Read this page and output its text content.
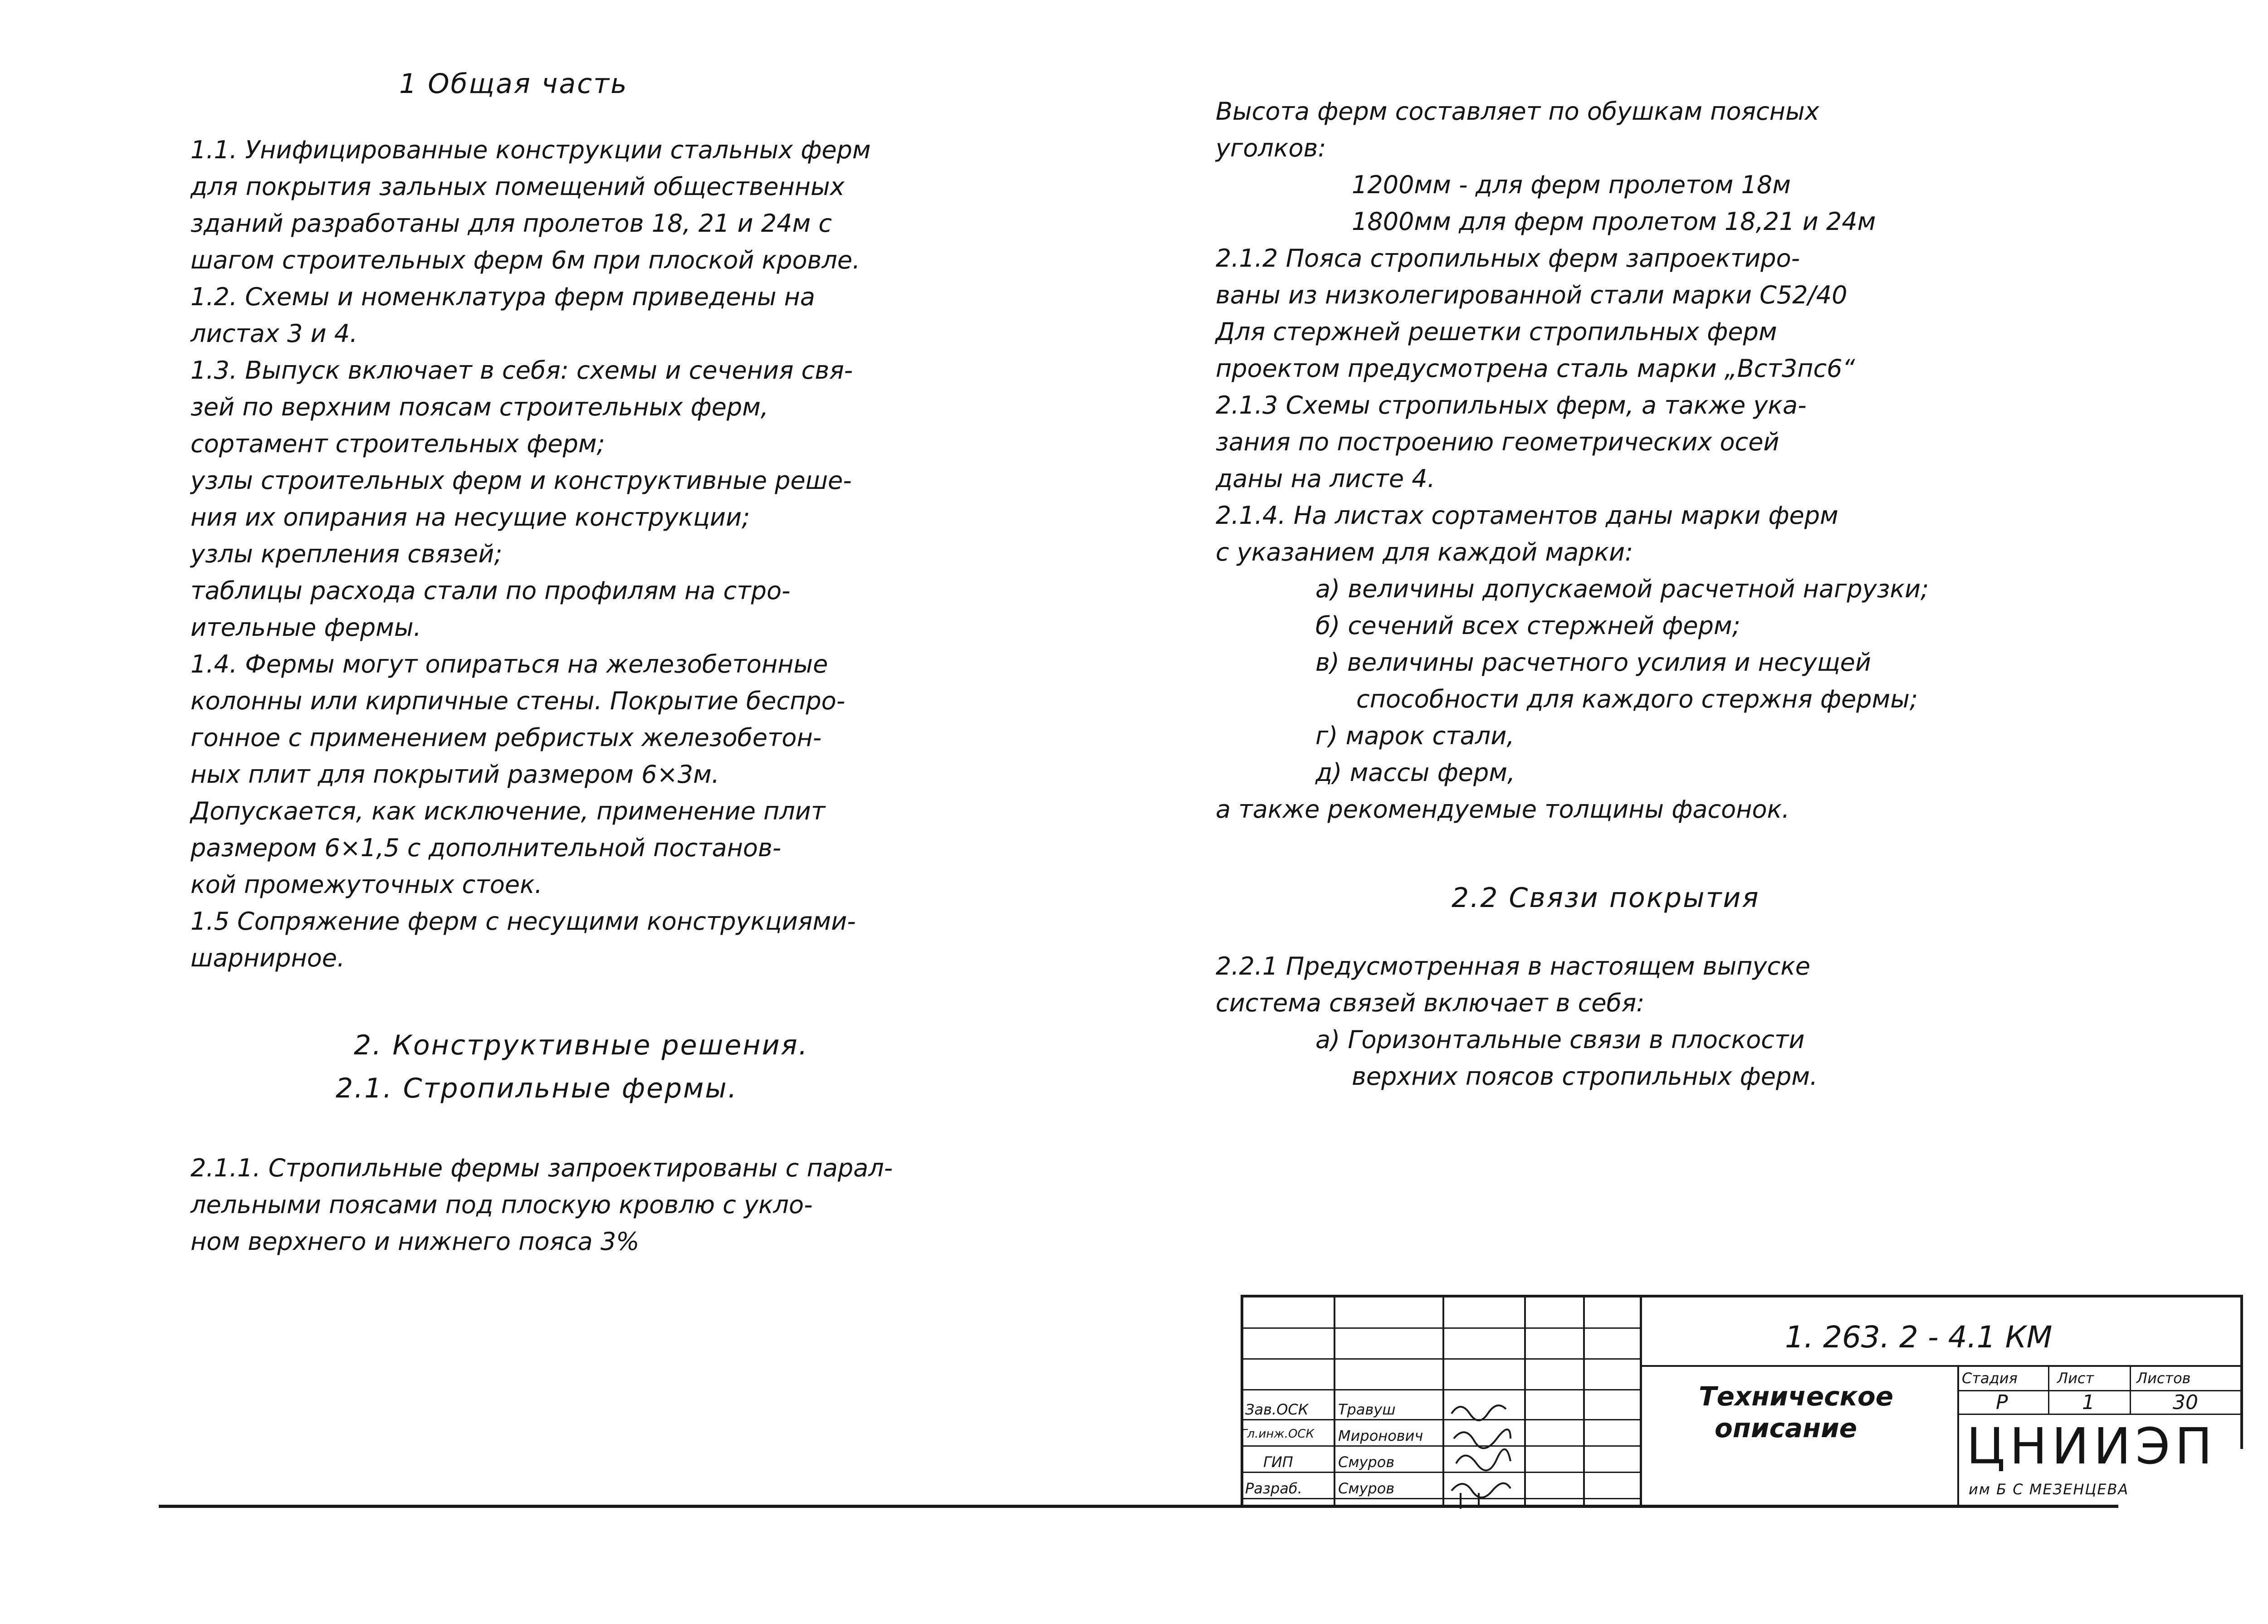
1 Общая часть
1.1. Унифицированные конструкции стальных ферм
для покрытия зальных помещений общественных
зданий разработаны для пролетов 18, 21 и 24м с
шагом строительных ферм 6м при плоской кровле.
1.2. Схемы и номенклатура ферм приведены на
листах 3 и 4.
1.3. Выпуск включает в себя: схемы и сечения свя-
зей по верхним поясам строительных ферм,
сортамент строительных ферм;
узлы строительных ферм и конструктивные реше-
ния их опирания на несущие конструкции;
узлы крепления связей;
таблицы расхода стали по профилям на стро-
ительные фермы.
1.4. Фермы могут опираться на железобетонные
колонны или кирпичные стены. Покрытие беспро-
гонное с применением ребристых железобетон-
ных плит для покрытий размером 6×3м.
Допускается, как исключение, применение плит
размером 6×1,5 с дополнительной постанов-
кой промежуточных стоек.
1.5 Сопряжение ферм с несущими конструкциями-
шарнирное.
2. Конструктивные решения.
2.1. Стропильные фермы.
2.1.1. Стропильные фермы запроектированы с парал-
лельными поясами под плоскую кровлю с укло-
ном верхнего и нижнего пояса 3%
Высота ферм составляет по обушкам поясных
уголков:
1200мм - для ферм пролетом 18м
1800мм для ферм пролетом 18,21 и 24м
2.1.2 Пояса стропильных ферм запроектиро-
ваны из низколегированной стали марки С52/40
Для стержней решетки стропильных ферм
проектом предусмотрена сталь марки „Вст3пс6“
2.1.3 Схемы стропильных ферм, а также ука-
зания по построению геометрических осей
даны на листе 4.
2.1.4. На листах сортаментов даны марки ферм
с указанием для каждой марки:
а) величины допускаемой расчетной нагрузки;
б) сечений всех стержней ферм;
в) величины расчетного усилия и несущей
способности для каждого стержня фермы;
г) марок стали,
д) массы ферм,
а также рекомендуемые толщины фасонок.
2.2 Связи покрытия
2.2.1 Предусмотренная в настоящем выпуске
система связей включает в себя:
а) Горизонтальные связи в плоскости
верхних поясов стропильных ферм.
Зав.ОСК Травуш
Гл.инж.ОСК Миронович
ГИП	Смуров
Разраб. Смуров
1. 263. 2 - 4.1 КМ
Техническое
описание
Стадия	Лист	Листов
Р	1	30
ЦНИИЭП
им Б С МЕЗЕНЦЕВА
